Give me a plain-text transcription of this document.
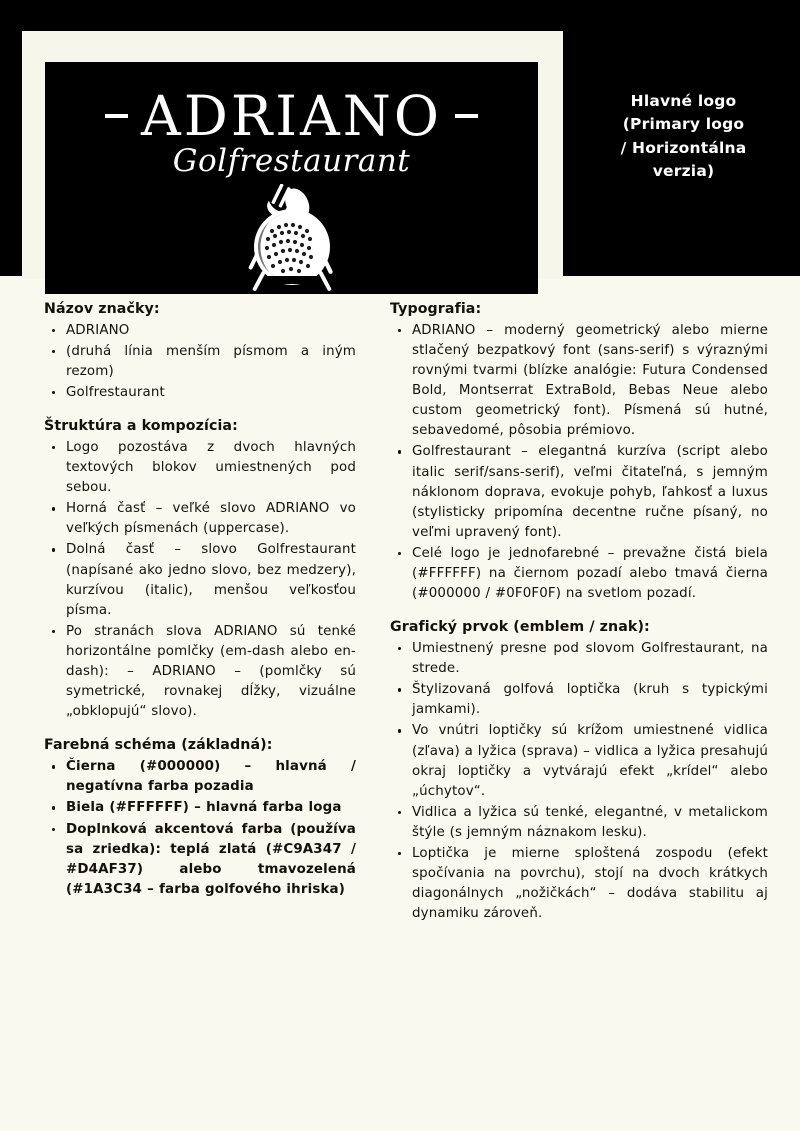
ADRIANO
Golfrestaurant
Hlavné logo
(Primary logo
/ Horizontálna
verzia)
Názov značky:
ADRIANO
(druhá línia menším písmom a iným rezom)
Golfrestaurant
Štruktúra a kompozícia:
Logo pozostáva z dvoch hlavných textových blokov umiestnených pod sebou.
Horná časť – veľké slovo ADRIANO vo veľkých písmenách (uppercase).
Dolná časť – slovo Golfrestaurant (napísané ako jedno slovo, bez medzery), kurzívou (italic), menšou veľkosťou písma.
Po stranách slova ADRIANO sú tenké horizontálne pomlčky (em-dash alebo en-dash): – ADRIANO – (pomlčky sú symetrické, rovnakej dĺžky, vizuálne „obklopujú“ slovo).
Farebná schéma (základná):
Čierna (#000000) – hlavná / negatívna farba pozadia
Biela (#FFFFFF) – hlavná farba loga
Doplnková akcentová farba (používa sa zriedka): teplá zlatá (#C9A347 / #D4AF37) alebo tmavozelená (#1A3C34 – farba golfového ihriska)
Typografia:
ADRIANO – moderný geometrický alebo mierne stlačený bezpatkový font (sans-serif) s výraznými rovnými tvarmi (blízke analógie: Futura Condensed Bold, Montserrat ExtraBold, Bebas Neue alebo custom geometrický font). Písmená sú hutné, sebavedomé, pôsobia prémiovo.
Golfrestaurant – elegantná kurzíva (script alebo italic serif/sans-serif), veľmi čitateľná, s jemným náklonom doprava, evokuje pohyb, ľahkosť a luxus (stylisticky pripomína decentne ručne písaný, no veľmi upravený font).
Celé logo je jednofarebné – prevažne čistá biela (#FFFFFF) na čiernom pozadí alebo tmavá čierna (#000000 / #0F0F0F) na svetlom pozadí.
Grafický prvok (emblem / znak):
Umiestnený presne pod slovom Golfrestaurant, na strede.
Štylizovaná golfová loptička (kruh s typickými jamkami).
Vo vnútri loptičky sú krížom umiestnené vidlica (zľava) a lyžica (sprava) – vidlica a lyžica presahujú okraj loptičky a vytvárajú efekt „krídel“ alebo „úchytov“.
Vidlica a lyžica sú tenké, elegantné, v metalickom štýle (s jemným náznakom lesku).
Loptička je mierne sploštená zospodu (efekt spočívania na povrchu), stojí na dvoch krátkych diagonálnych „nožičkách“ – dodáva stabilitu aj dynamiku zároveň.
